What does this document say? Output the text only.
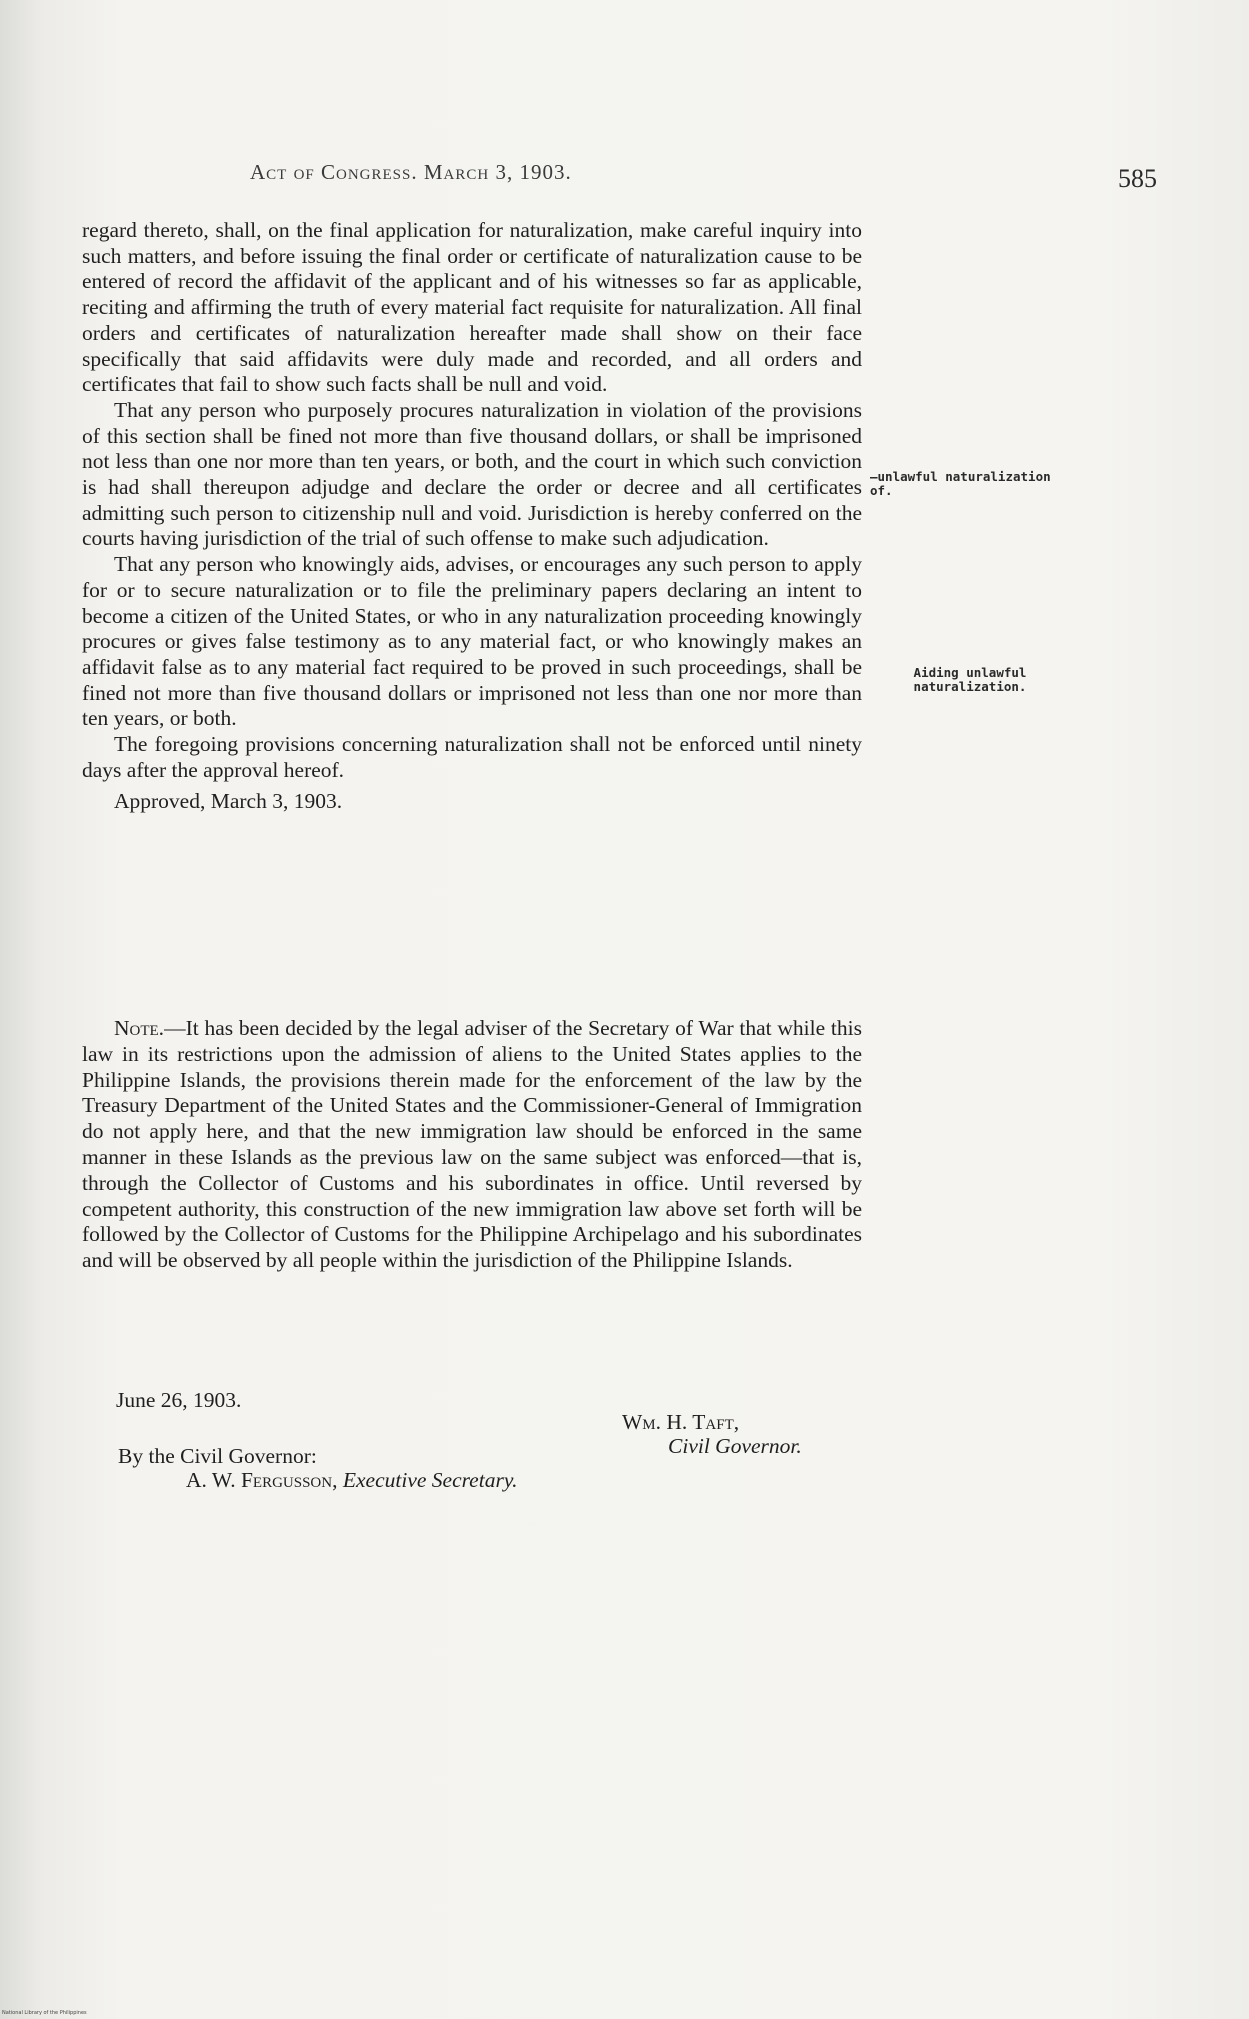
Act of Congress. March 3, 1903.	585

regard thereto, shall, on the final application for naturalization, make careful inquiry into such matters, and before issuing the final order or certificate of naturalization cause to be entered of record the affidavit of the applicant and of his witnesses so far as applicable, reciting and affirming the truth of every material fact requisite for naturalization. All final orders and certificates of naturalization hereafter made shall show on their face specifically that said affidavits were duly made and recorded, and all orders and certificates that fail to show such facts shall be null and void.

That any person who purposely procures naturalization in violation of the provisions of this section shall be fined not more than five thousand dollars, or shall be imprisoned not less than one nor more than ten years, or both, and the court in which such conviction is had shall thereupon adjudge and declare the order or decree and all certificates admitting such person to citizenship null and void. Jurisdiction is hereby conferred on the courts having jurisdiction of the trial of such offense to make such adjudication.

That any person who knowingly aids, advises, or encourages any such person to apply for or to secure naturalization or to file the preliminary papers declaring an intent to become a citizen of the United States, or who in any naturalization proceeding knowingly procures or gives false testimony as to any material fact, or who knowingly makes an affidavit false as to any material fact required to be proved in such proceedings, shall be fined not more than five thousand dollars or imprisoned not less than one nor more than ten years, or both.

The foregoing provisions concerning naturalization shall not be enforced until ninety days after the approval hereof.

Approved, March 3, 1903.

—unlawful naturalization of.
Aiding unlawful naturalization.

Note.—It has been decided by the legal adviser of the Secretary of War that while this law in its restrictions upon the admission of aliens to the United States applies to the Philippine Islands, the provisions therein made for the enforcement of the law by the Treasury Department of the United States and the Commissioner-General of Immigration do not apply here, and that the new immigration law should be enforced in the same manner in these Islands as the previous law on the same subject was enforced—that is, through the Collector of Customs and his subordinates in office. Until reversed by competent authority, this construction of the new immigration law above set forth will be followed by the Collector of Customs for the Philippine Archipelago and his subordinates and will be observed by all people within the jurisdiction of the Philippine Islands.

June 26, 1903.
Wm. H. Taft,
Civil Governor.
By the Civil Governor:
A. W. Fergusson, Executive Secretary.
National Library of the Philippines
